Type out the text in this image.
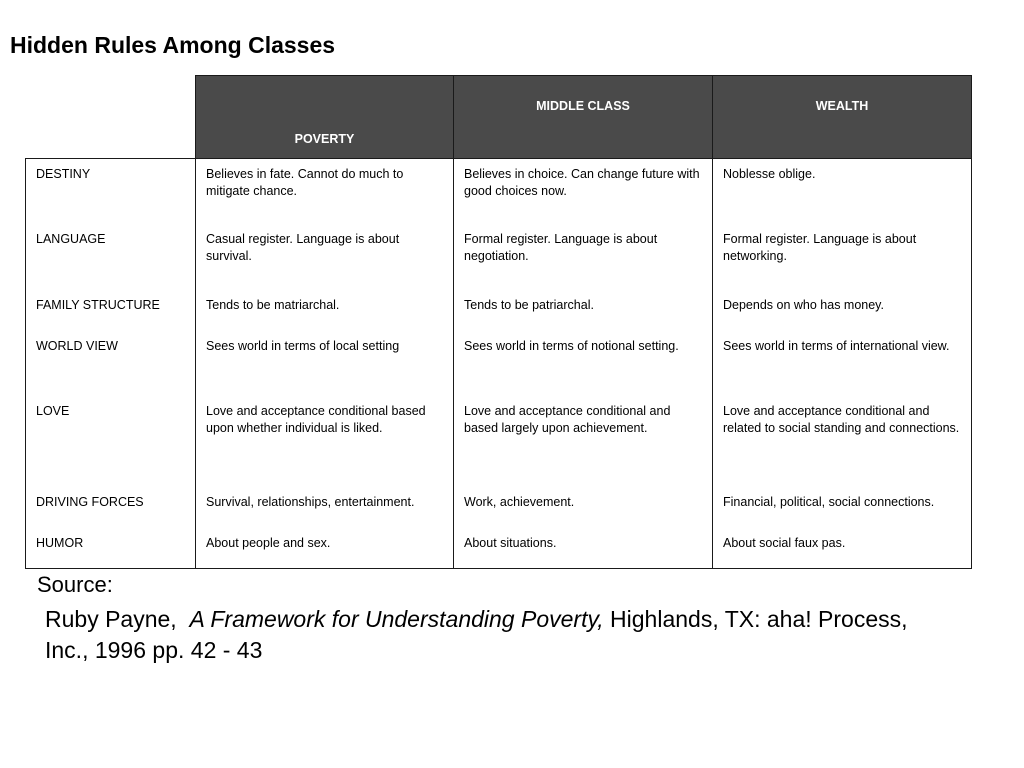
Hidden Rules Among Classes
	POVERTY	MIDDLE CLASS	WEALTH
DESTINY	Believes in fate. Cannot do much to mitigate chance.	Believes in choice. Can change future with good choices now.	Noblesse oblige.
LANGUAGE	Casual register. Language is about survival.	Formal register. Language is about negotiation.	Formal register. Language is about networking.
FAMILY STRUCTURE	Tends to be matriarchal.	Tends to be patriarchal.	Depends on who has money.
WORLD VIEW	Sees world in terms of local setting	Sees world in terms of notional setting.	Sees world in terms of international view.
LOVE	Love and acceptance conditional based upon whether individual is liked.	Love and acceptance conditional and based largely upon achievement.	Love and acceptance conditional and related to social standing and connections.
DRIVING FORCES	Survival, relationships, entertainment.	Work, achievement.	Financial, political, social connections.
HUMOR	About people and sex.	About situations.	About social faux pas.
Source:
Ruby Payne, A Framework for Understanding Poverty, Highlands, TX: aha! Process, Inc., 1996 pp. 42 - 43
